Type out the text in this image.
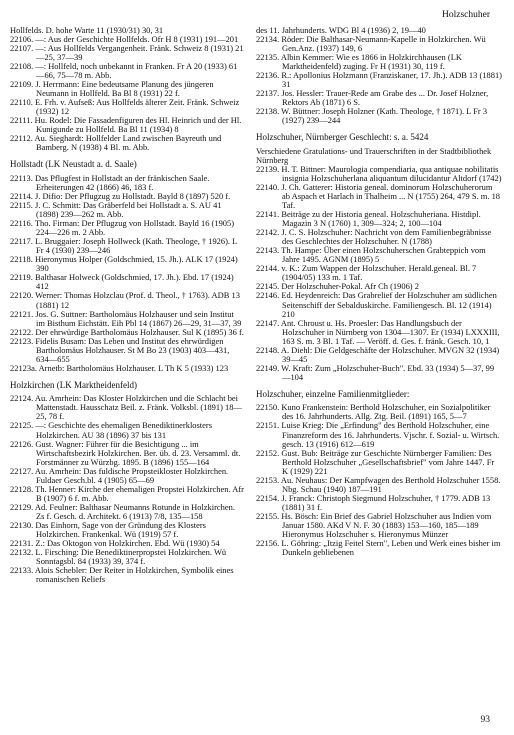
Holzschuher

Hollfelds. D. hohe Warte 11 (1930/31) 30, 31

22106. —: Aus der Geschichte Hollfelds. Ofr H 8 (1931) 191—201

22107. —: Aus Hollfelds Vergangenheit. Fränk. Schweiz 8 (1931) 21—25, 37—39

22108. —: Hollfeld, noch unbekannt in Franken. Fr A 20 (1933) 61—66, 75—78 m. Abb.

22109. J. Herrmann: Eine bedeutsame Planung des jüngeren Neumann in Hollfeld. Ba Bl 8 (1931) 22 f.

22110. E. Frh. v. Aufseß: Aus Hollfelds älterer Zeit. Fränk. Schweiz (1932) 12

22111. Hu. Rodel: Die Fassadenfiguren des Hl. Heinrich und der Hl. Kunigunde zu Hollfeld. Ba Bl 11 (1934) 8

22112. Au. Sieghardt: Hollfelder Land zwischen Bayreuth und Bamberg. N (1938) 4 Bl. m. Abb.

Hollstadt (LK Neustadt a. d. Saale)

22113. Das Pflugfest in Hollstadt an der fränkischen Saale. Erheiterungen 42 (1866) 46, 183 f.

22114. J. Difio: Der Pflugzug zu Hollstadt. Bayld 8 (1897) 520 f.

22115. J. C. Schmitt: Das Gräberfeld bei Hollstadt a. S. AU 41 (1898) 239—262 m. Abb.

22116. Tho. Firman: Der Pflugzug von Hollstadt. Bayld 16 (1905) 224—226 m. 2 Abb.

22117. L. Bruggaier: Joseph Hollweck (Kath. Theologe, † 1926). L Fr 4 (1930) 239—246

22118. Hieronymus Holper (Goldschmied, 15. Jh.). ALK 17 (1924) 390

22119. Balthasar Holweck (Goldschmied, 17. Jh.). Ebd. 17 (1924) 412

22120. Werner: Thomas Holzclau (Prof. d. Theol., † 1763). ADB 13 (1881) 12

22121. Jos. G. Suttner: Bartholomäus Holzhauser und sein Institut im Bisthum Eichstätt. Eih Pbl 14 (1867) 26—29, 31—37, 39

22122. Der ehrwürdige Bartholomäus Holzhauser. Sul K (1895) 36 f.

22123. Fidelis Busam: Das Leben und Institut des ehrwürdigen Bartholomäus Holzhauser. St M Bo 23 (1903) 403—431, 634—655

22123a. Arnetb: Bartholomäus Holzhauser. L Th K 5 (1933) 123

Holzkirchen (LK Marktheidenfeld)

22124. Au. Amrhein: Das Kloster Holzkirchen und die Schlacht bei Mattenstadt. Hausschatz Beil. z. Fränk. Volksbl. (1891) 18—25, 78 f.

22125. —: Geschichte des ehemaligen Benediktinerklosters Holzkirchen. AU 38 (1896) 37 bis 131

22126. Gust. Wagner: Führer für die Besichtigung ... im Wirtschaftsbezirk Holzkirchen. Ber. üb. d. 23. Versamml. dt. Forstmänner zu Würzbg. 1895. B (1896) 155—164

22127. Au. Amrhein: Das fuldische Propsteikloster Holzkirchen. Fuldaer Gesch.bl. 4 (1905) 65—69

22128. Th. Henner: Kirche der ehemaligen Propstei Holzkirchen. Afr B (1907) 6 f. m. Abb.

22129. Ad. Feulner: Balthasar Neumanns Rotunde in Holzkirchen. Zs f. Gesch. d. Architekt. 6 (1913) 7/8, 135—158

22130. Das Einhorn, Sage von der Gründung des Klosters Holzkirchen. Frankenkal. Wü (1919) 57 f.

22131. Z.: Das Oktogon von Holzkirchen. Ebd. Wü (1930) 54

22132. L. Firsching: Die Benediktinerpropstei Holzkirchen. Wü Sonntagsbl. 84 (1933) 39, 374 f.

22133. Alois Schebler: Der Reiter in Holzkirchen, Symbolik eines romanischen Reliefs

des 11. Jahrhunderts. WDG Bl 4 (1936) 2, 19—40

22134. Röder: Die Balthasar-Neumann-Kapelle in Holzkirchen. Wü Gen.Anz. (1937) 149, 6

22135. Albin Kemmer: Wie es 1866 in Holzkirchhausen (LK Marktheidenfeld) zuging. Fr H (1931) 30, 119 f.

22136. R.: Apollonius Holzmann (Franziskaner, 17. Jh.). ADB 13 (1881) 31

22137. Jos. Hessler: Trauer-Rede am Grabe des ... Dr. Josef Holzner, Rektors Ab (1871) 6 S.

22138. W. Büttner: Joseph Holzner (Kath. Theologe, † 1871). L Fr 3 (1927) 239—244

Holzschuher, Nürnberger Geschlecht: s. a. 5424

Verschiedene Gratulations- und Trauerschriften in der Stadtbibliothek Nürnberg

22139. H. T. Bittner: Maurologia compendiaria, qua antiquae nobilitatis insignia Holzschuherlana aliquantum dilucidantur Altdorf (1742)

22140. J. Ch. Gatterer: Historia geneal. dominorum Holzschuherorum ab Aspach et Harlach in Thalheim ... N (1755) 264, 479 S. m. 18 Taf.

22141. Beiträge zu der Historia geneal. Holzschuheriana. Histdipl. Magazin 3 N (1760) 1, 309—324; 2, 100—104

22142. J. C. S. Holzschuher: Nachricht von dem Familienbegräbnisse des Geschlechtes der Holzschuher. N (1788)

22143. Th. Hampe: Über einen Holzschuherschen Grabteppich vom Jahre 1495. AGNM (1895) 5

22144. v. K.: Zum Wappen der Holzschuher. Herald.geneal. Bl. 7 (1904/05) 133 m. 1 Taf.

22145. Der Holzschuher-Pokal. Afr Ch (1906) 2

22146. Ed. Heydenreich: Das Grabrelief der Holzschuher am südlichen Seitenschiff der Sebalduskirche. Familiengesch. Bl. 12 (1914) 210

22147. Ant. Chroust u. Hs. Proesler: Das Handlungsbuch der Holzschuher in Nürnberg von 1304—1307. Er (1934) LXXXIII, 163 S. m. 3 Bl. 1 Taf. — Veröff. d. Ges. f. fränk. Gesch. 10, 1

22148. A. Diehl: Die Geldgeschäfte der Holzschuher. MVGN 32 (1934) 39—45

22149. W. Kraft: Zum „Holzschuher-Buch". Ebd. 33 (1934) 5—37, 99—104

Holzschuher, einzelne Familienmitglieder:

22150. Kuno Frankenstein: Berthold Holzschuher, ein Sozialpolitiker des 16. Jahrhunderts. Allg. Ztg. Beil. (1891) 165, 5—7

22151. Luise Krieg: Die „Erfindung" des Berthold Holzschuher, eine Finanzreform des 16. Jahrhunderts. Vjschr. f. Sozial- u. Wirtsch. gesch. 13 (1916) 612—619

22152. Gust. Bub: Beiträge zur Geschichte Nürnberger Familien: Des Berthold Holzschuher „Gesellschaftsbrief" vom Jahre 1447. Fr K (1929) 221

22153. Au. Neuhaus: Der Kampfwagen des Berthold Holzschuher 1558. Nbg. Schau (1940) 187—191

22154. J. Franck: Christoph Siegmund Holzschuher, † 1779. ADB 13 (1881) 31 f.

22155. Hs. Bösch: Ein Brief des Gabriel Holzschuher aus Indien vom Januar 1580. AKd V N. F. 30 (1883) 153—160, 185—189 Hieronymus Holzschuher s. Hieronymus Münzer

22156. L. Göhring: „Itzig Feitel Stern", Leben und Werk eines bisher im Dunkeln gebliebenen

93
